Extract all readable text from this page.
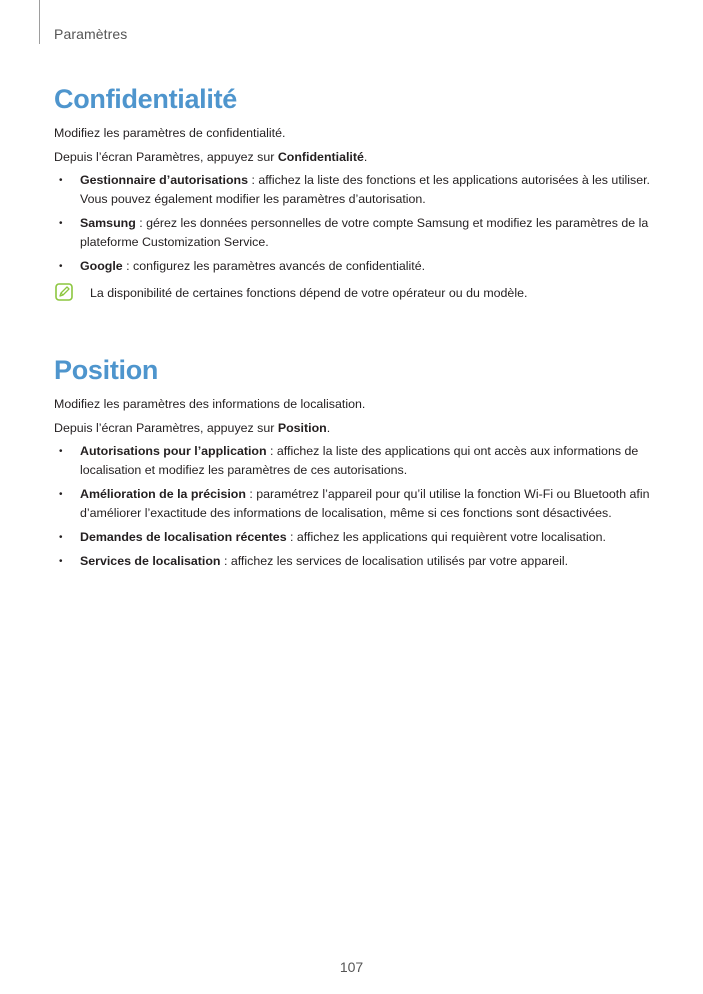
Paramètres
Confidentialité

Modifiez les paramètres de confidentialité.

Depuis l’écran Paramètres, appuyez sur Confidentialité.

• Gestionnaire d’autorisations : affichez la liste des fonctions et les applications autorisées à les utiliser.
Vous pouvez également modifier les paramètres d’autorisation.
• Samsung : gérez les données personnelles de votre compte Samsung et modifiez les paramètres de la
plateforme Customization Service.
• Google : configurez les paramètres avancés de confidentialité.
La disponibilité de certaines fonctions dépend de votre opérateur ou du modèle.
Position

Modifiez les paramètres des informations de localisation.

Depuis l’écran Paramètres, appuyez sur Position.

• Autorisations pour l’application : affichez la liste des applications qui ont accès aux informations de
localisation et modifiez les paramètres de ces autorisations.
• Amélioration de la précision : paramétrez l’appareil pour qu’il utilise la fonction Wi-Fi ou Bluetooth afin
d’améliorer l’exactitude des informations de localisation, même si ces fonctions sont désactivées.
• Demandes de localisation récentes : affichez les applications qui requièrent votre localisation.
• Services de localisation : affichez les services de localisation utilisés par votre appareil.
107
